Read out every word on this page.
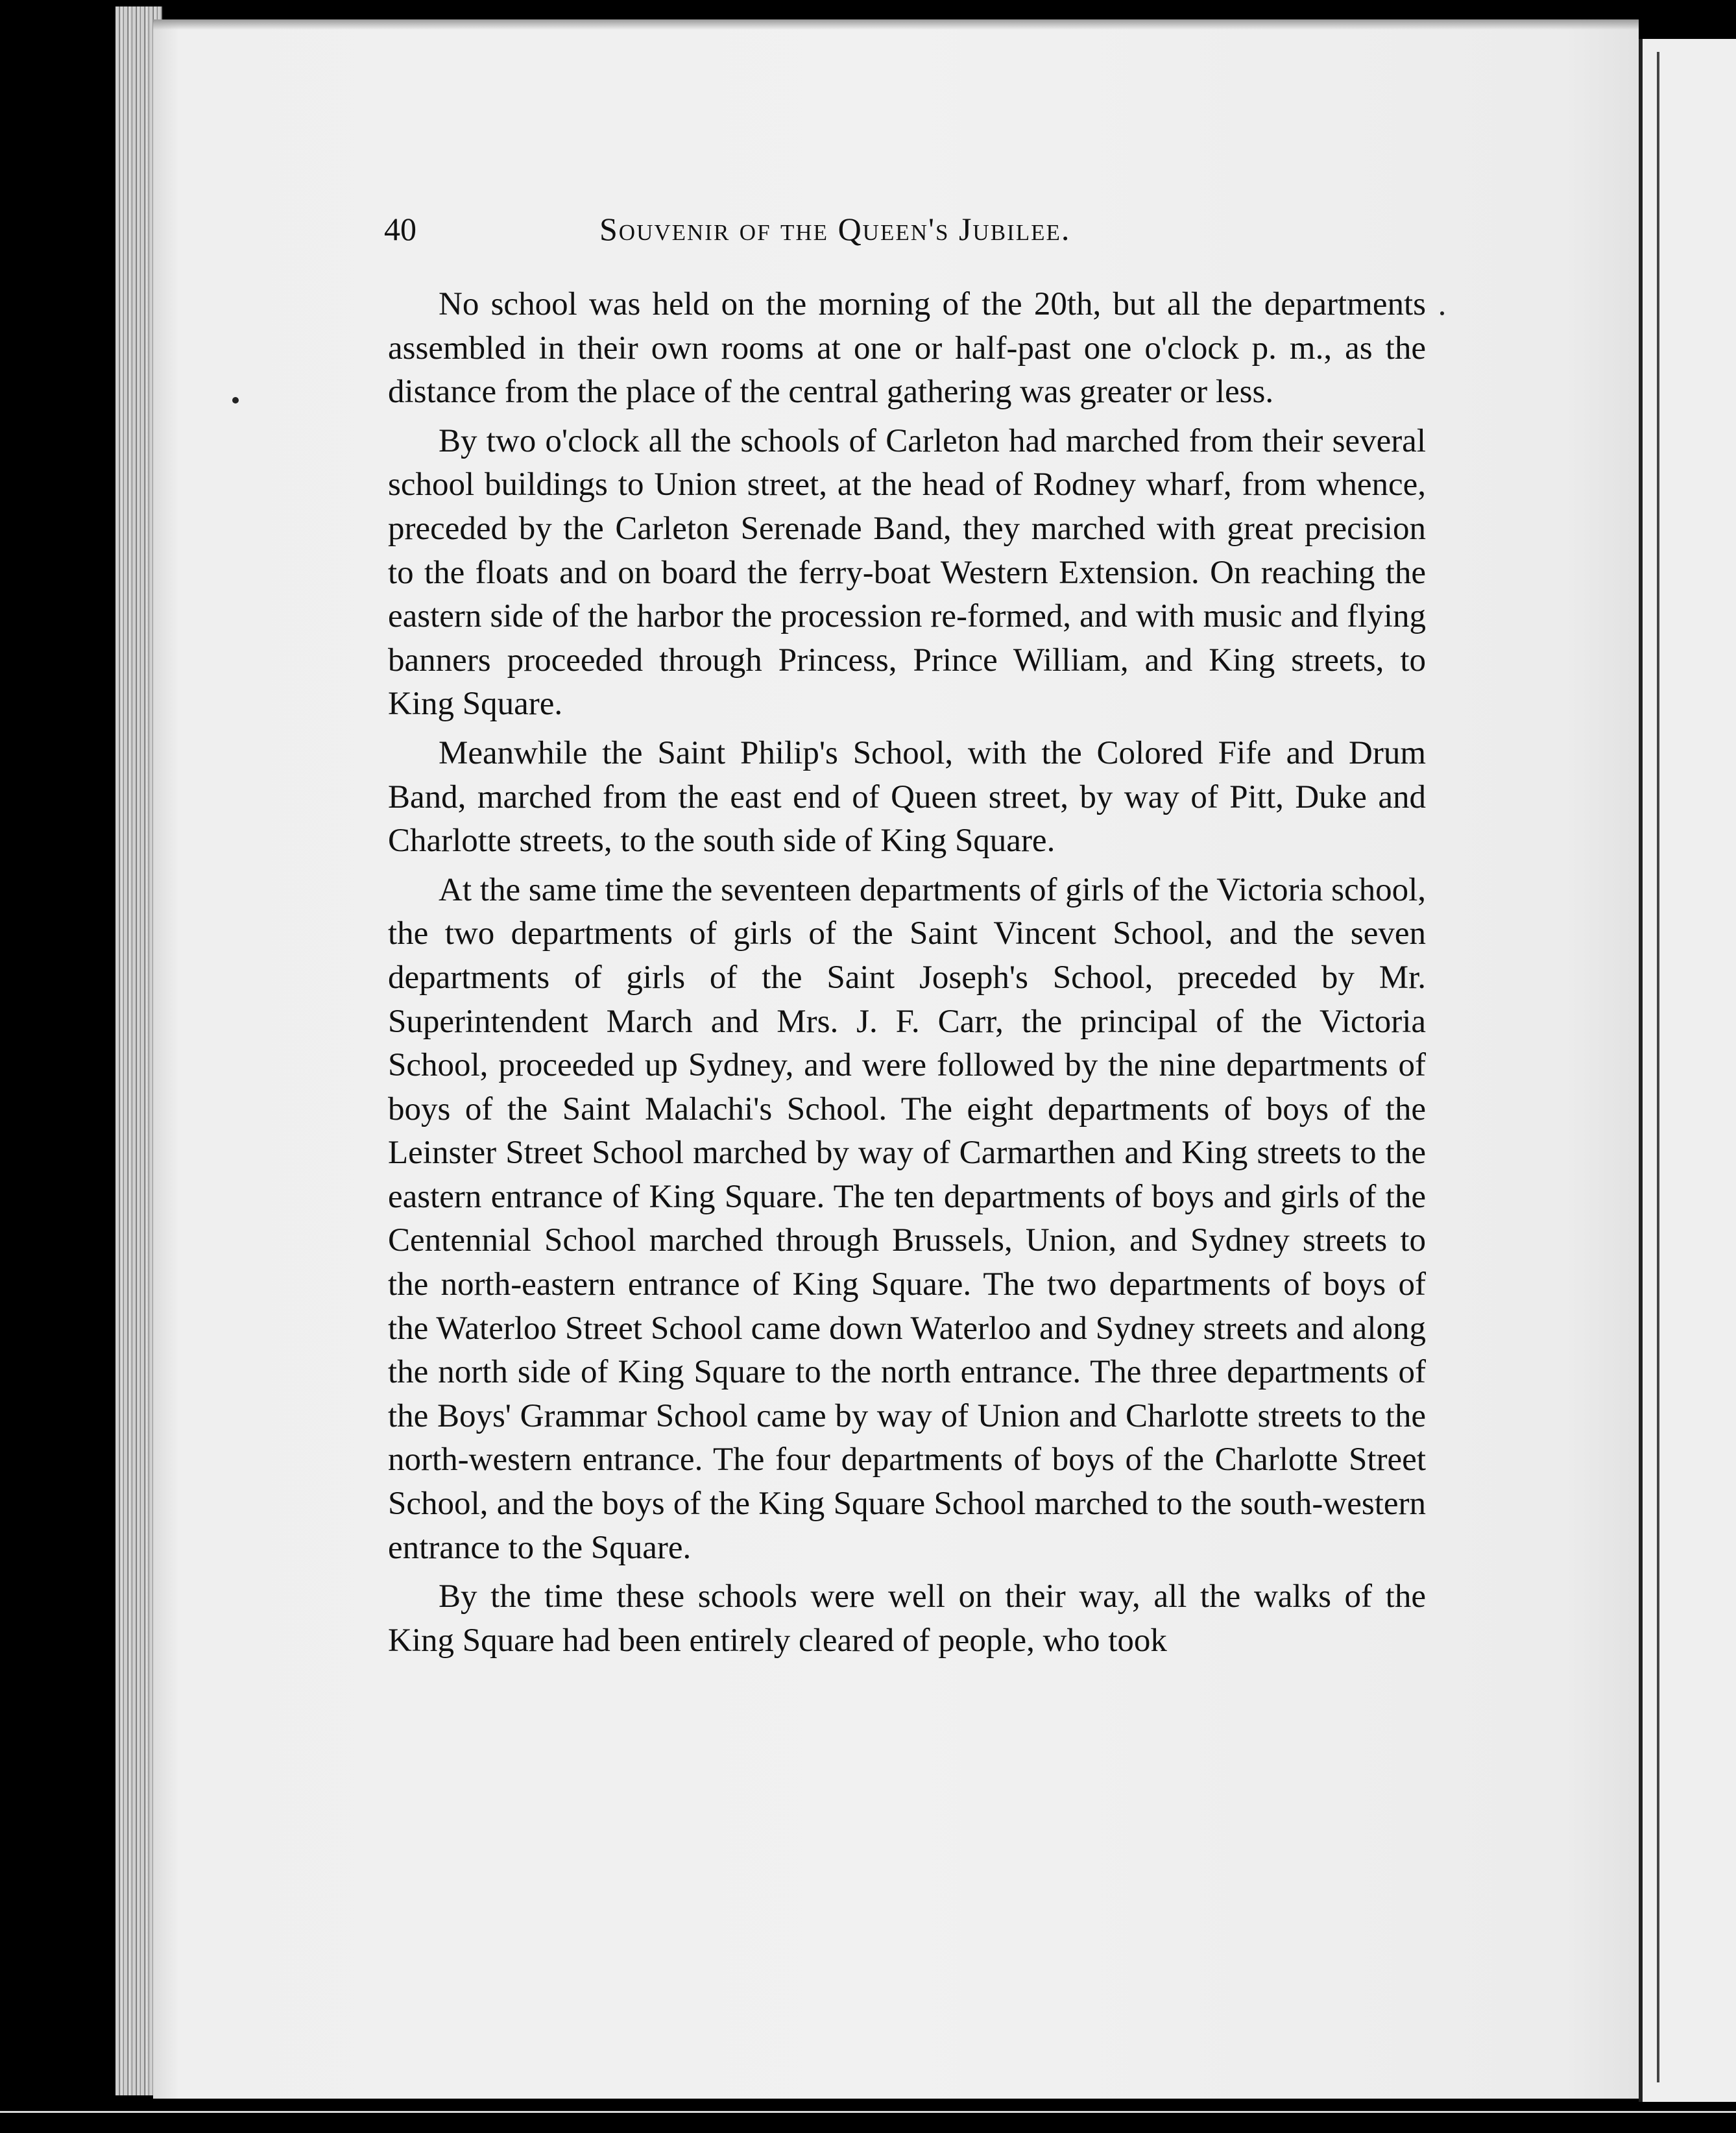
40	Souvenir of the Queen's Jubilee.

No school was held on the morning of the 20th, but all the departments assembled in their own rooms at one or half-past one o'clock p. m., as the distance from the place of the central gathering was greater or less.

By two o'clock all the schools of Carleton had marched from their several school buildings to Union street, at the head of Rodney wharf, from whence, preceded by the Carleton Serenade Band, they marched with great precision to the floats and on board the ferry-boat Western Extension. On reaching the eastern side of the harbor the procession re-formed, and with music and flying banners proceeded through Princess, Prince William, and King streets, to King Square.

Meanwhile the Saint Philip's School, with the Colored Fife and Drum Band, marched from the east end of Queen street, by way of Pitt, Duke and Charlotte streets, to the south side of King Square.

At the same time the seventeen departments of girls of the Victoria school, the two departments of girls of the Saint Vincent School, and the seven departments of girls of the Saint Joseph's School, preceded by Mr. Superintendent March and Mrs. J. F. Carr, the principal of the Victoria School, proceeded up Sydney, and were followed by the nine departments of boys of the Saint Malachi's School. The eight departments of boys of the Leinster Street School marched by way of Carmarthen and King streets to the eastern entrance of King Square. The ten departments of boys and girls of the Centennial School marched through Brussels, Union, and Sydney streets to the north-eastern entrance of King Square. The two departments of boys of the Waterloo Street School came down Waterloo and Sydney streets and along the north side of King Square to the north entrance. The three departments of the Boys' Grammar School came by way of Union and Charlotte streets to the north-western entrance. The four departments of boys of the Charlotte Street School, and the boys of the King Square School marched to the south-western entrance to the Square.

By the time these schools were well on their way, all the walks of the King Square had been entirely cleared of people, who took
